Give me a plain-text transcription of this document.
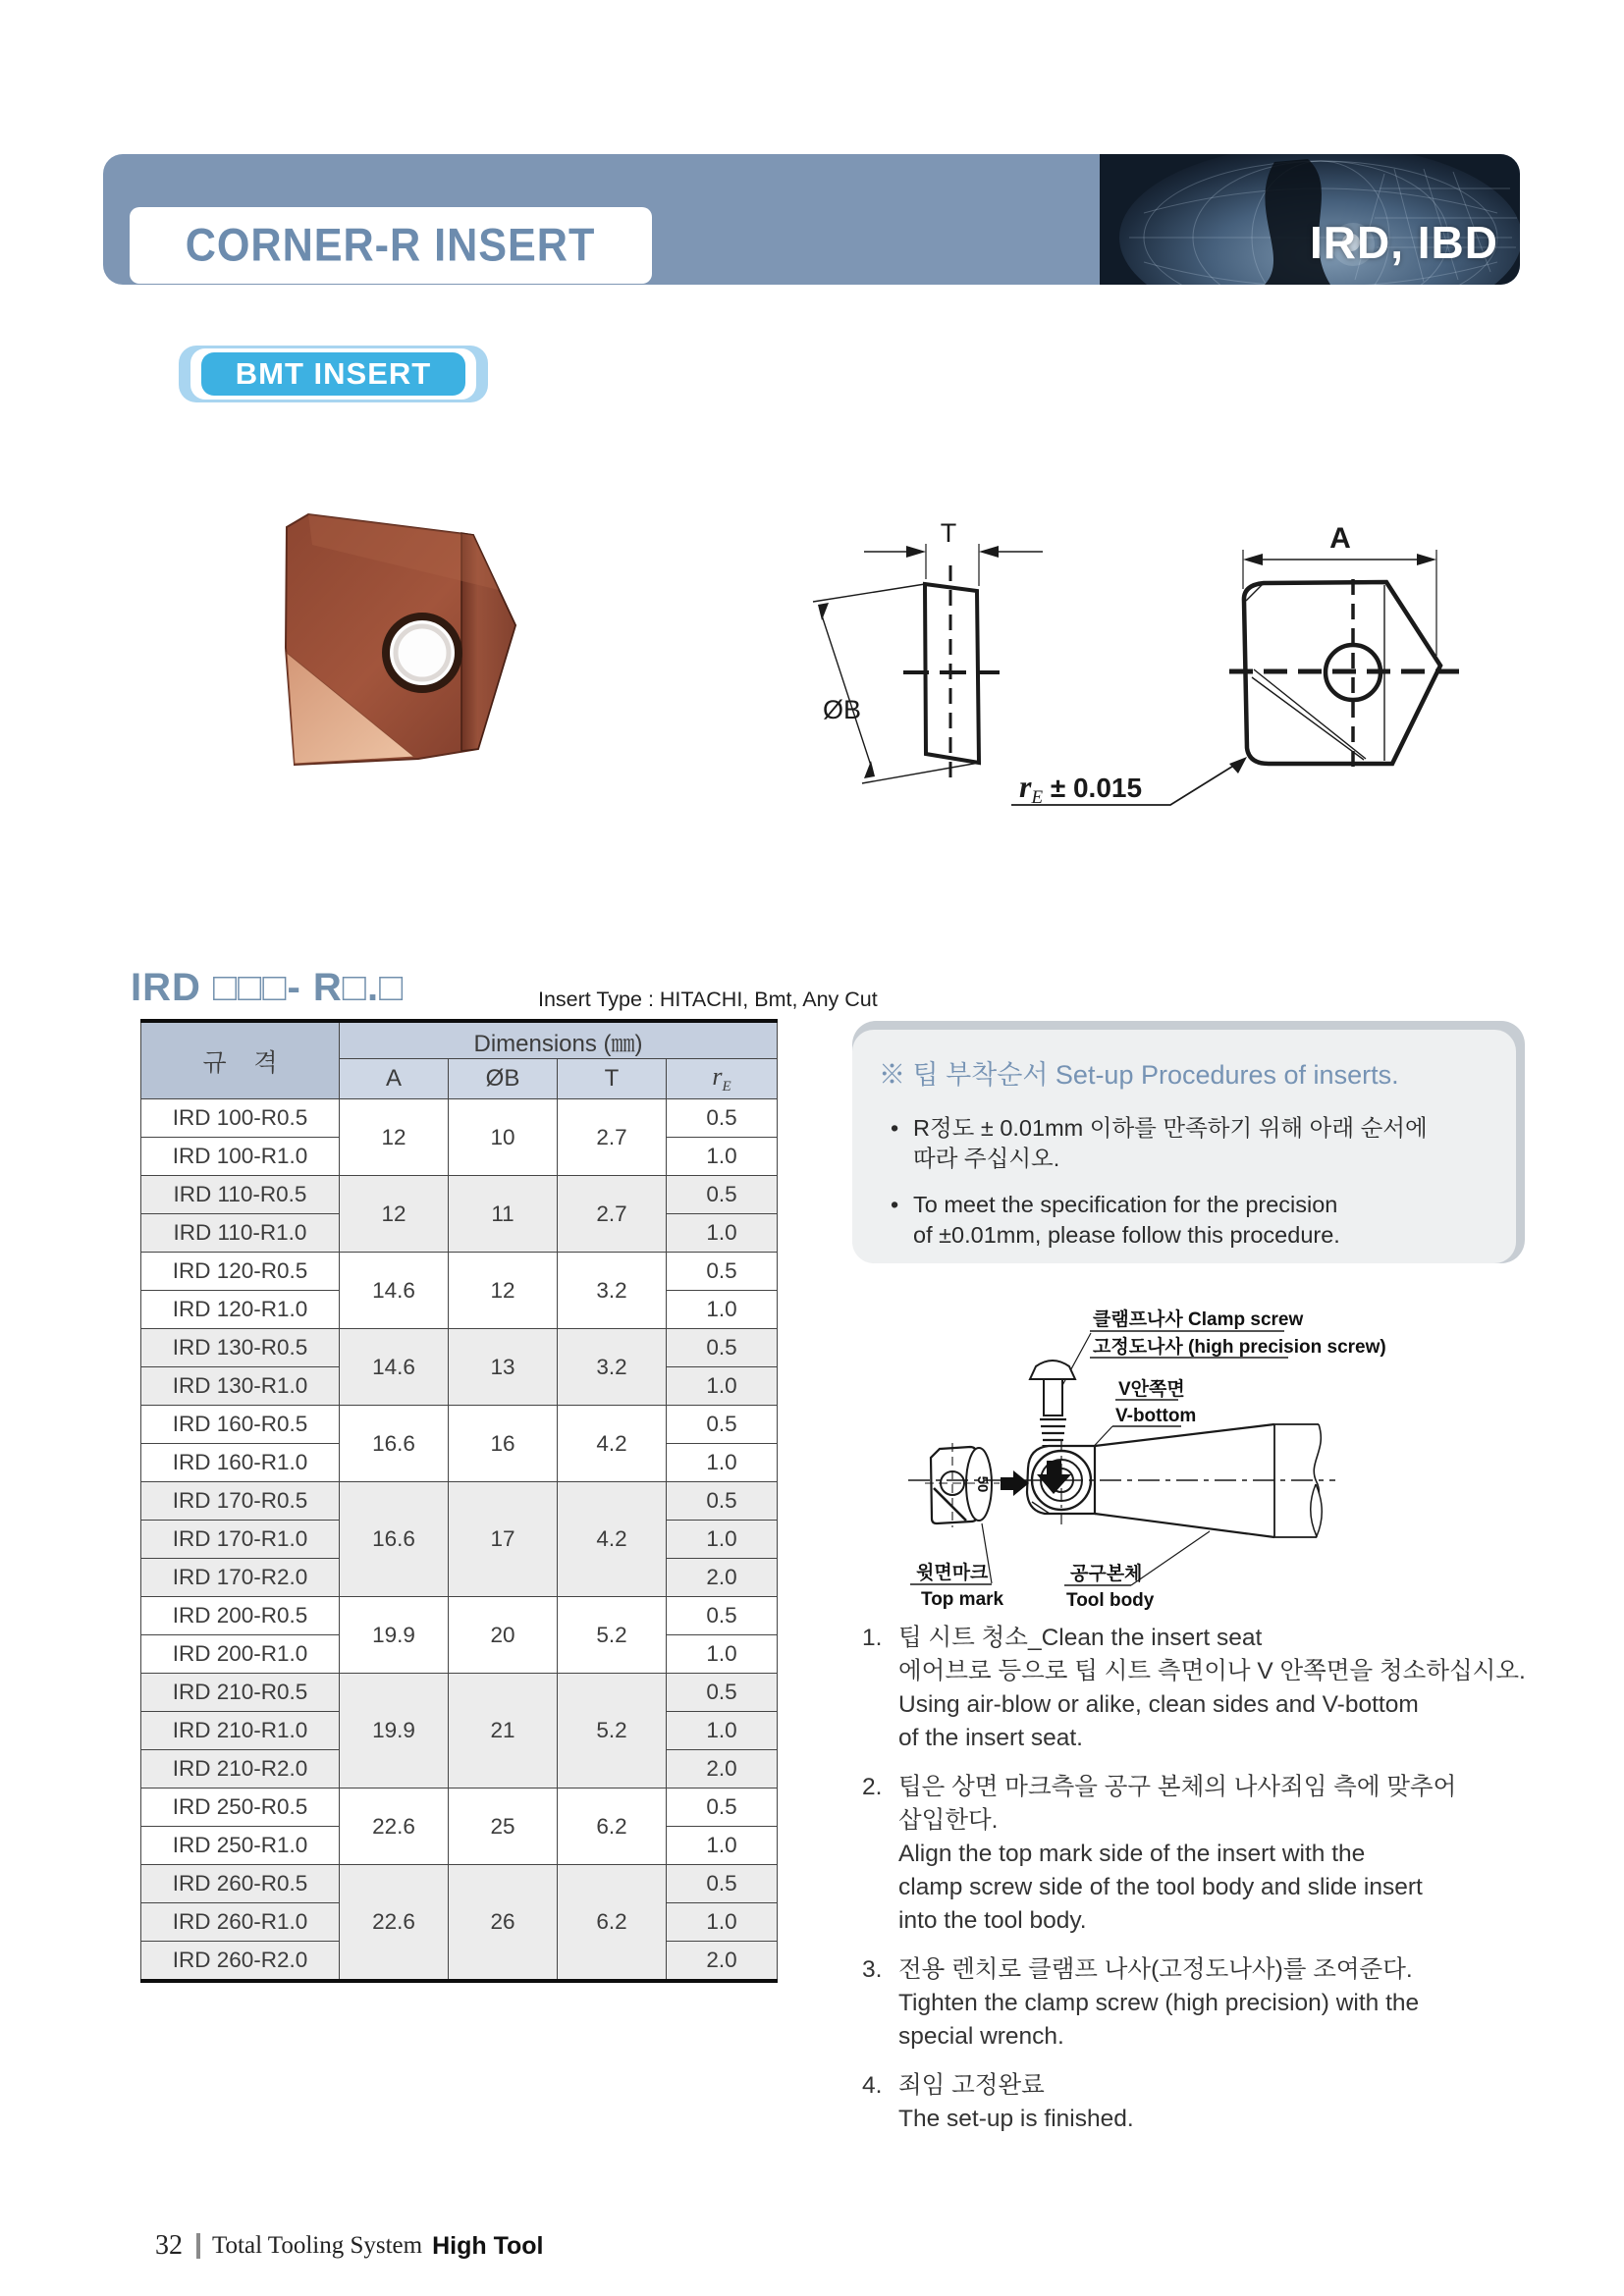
CORNER-R INSERT	IRD, IBD
BMT INSERT
T
ØB
A
$r_E \pm 0.015$
IRD □□□- R□.□	Insert Type : HITACHI, Bmt, Any Cut
규    격	Dimensions (㎜)			
	A	ØB	T	$r_E$
IRD 100-R0.5	12	10	2.7	0.5
IRD 100-R1.0				1.0
IRD 110-R0.5	12	11	2.7	0.5
IRD 110-R1.0				1.0
IRD 120-R0.5	14.6	12	3.2	0.5
IRD 120-R1.0				1.0
IRD 130-R0.5	14.6	13	3.2	0.5
IRD 130-R1.0				1.0
IRD 160-R0.5	16.6	16	4.2	0.5
IRD 160-R1.0				1.0
IRD 170-R0.5	16.6	17	4.2	0.5
IRD 170-R1.0				1.0
IRD 170-R2.0				2.0
IRD 200-R0.5	19.9	20	5.2	0.5
IRD 200-R1.0				1.0
IRD 210-R0.5	19.9	21	5.2	0.5
IRD 210-R1.0				1.0
IRD 210-R2.0				2.0
IRD 250-R0.5	22.6	25	6.2	0.5
IRD 250-R1.0				1.0
IRD 260-R0.5	22.6	26	6.2	0.5
IRD 260-R1.0				1.0
IRD 260-R2.0				2.0
※ 팁 부착순서 Set-up Procedures of inserts.
• R정도 ± 0.01mm 이하를 만족하기 위해 아래 순서에
따라 주십시오.
• To meet the specification for the precision
of ±0.01mm, please follow this procedure.
클램프나사 Clamp screw
고정도나사 (high precision screw)
V안쪽면
V-bottom
윗면마크
Top mark
공구본체
Tool body
50
1. 팁 시트 청소_Clean the insert seat
에어브로 등으로 팁 시트 측면이나 V 안쪽면을 청소하십시오.
Using air-blow or alike, clean sides and V-bottom
of the insert seat.
2. 팁은 상면 마크측을 공구 본체의 나사죄임 측에 맞추어
삽입한다.
Align the top mark side of the insert with the
clamp screw side of the tool body and slide insert
into the tool body.
3. 전용 렌치로 클램프 나사(고정도나사)를 조여준다.
Tighten the clamp screw (high precision) with the
special wrench.
4. 죄임 고정완료
The set-up is finished.
32 Total Tooling System High Tool
